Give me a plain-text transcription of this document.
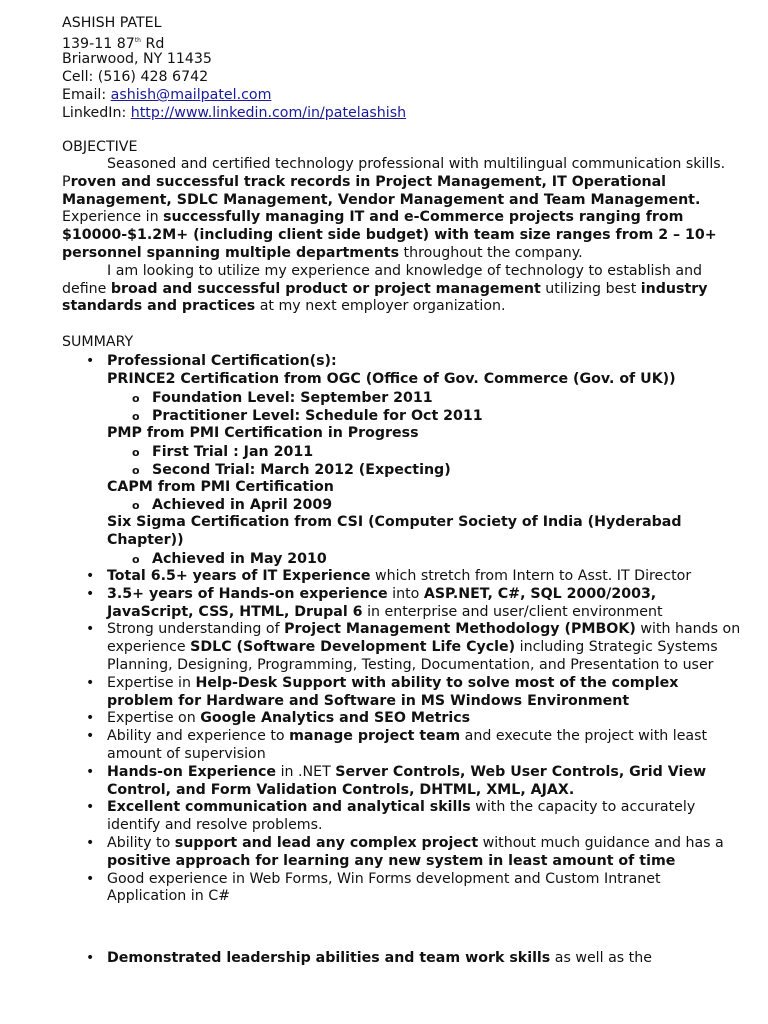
ASHISH PATEL
139-11 87th Rd
Briarwood, NY 11435
Cell: (516) 428 6742
Email: ashish@mailpatel.com
LinkedIn: http://www.linkedin.com/in/patelashish
OBJECTIVE

Seasoned and certified technology professional with multilingual communication skills. Proven and successful track records in Project Management, IT Operational Management, SDLC Management, Vendor Management and Team Management. Experience in successfully managing IT and e-Commerce projects ranging from $10000-$1.2M+ (including client side budget) with team size ranges from 2 – 10+ personnel spanning multiple departments throughout the company.

I am looking to utilize my experience and knowledge of technology to establish and define broad and successful product or project management utilizing best industry standards and practices at my next employer organization.

SUMMARY
• Professional Certification(s):
PRINCE2 Certification from OGC (Office of Gov. Commerce (Gov. of UK))
o Foundation Level: September 2011
o Practitioner Level: Schedule for Oct 2011
PMP from PMI Certification in Progress
o First Trial : Jan 2011
o Second Trial: March 2012 (Expecting)
CAPM from PMI Certification
o Achieved in April 2009
Six Sigma Certification from CSI (Computer Society of India (Hyderabad Chapter))
o Achieved in May 2010
• Total 6.5+ years of IT Experience which stretch from Intern to Asst. IT Director
• 3.5+ years of Hands-on experience into ASP.NET, C#, SQL 2000/2003, JavaScript, CSS, HTML, Drupal 6 in enterprise and user/client environment
• Strong understanding of Project Management Methodology (PMBOK) with hands on experience SDLC (Software Development Life Cycle) including Strategic Systems Planning, Designing, Programming, Testing, Documentation, and Presentation to user
• Expertise in Help-Desk Support with ability to solve most of the complex problem for Hardware and Software in MS Windows Environment
• Expertise on Google Analytics and SEO Metrics
• Ability and experience to manage project team and execute the project with least amount of supervision
• Hands-on Experience in .NET Server Controls, Web User Controls, Grid View Control, and Form Validation Controls, DHTML, XML, AJAX.
• Excellent communication and analytical skills with the capacity to accurately identify and resolve problems.
• Ability to support and lead any complex project without much guidance and has a positive approach for learning any new system in least amount of time
• Good experience in Web Forms, Win Forms development and Custom Intranet Application in C#
• Demonstrated leadership abilities and team work skills as well as the
